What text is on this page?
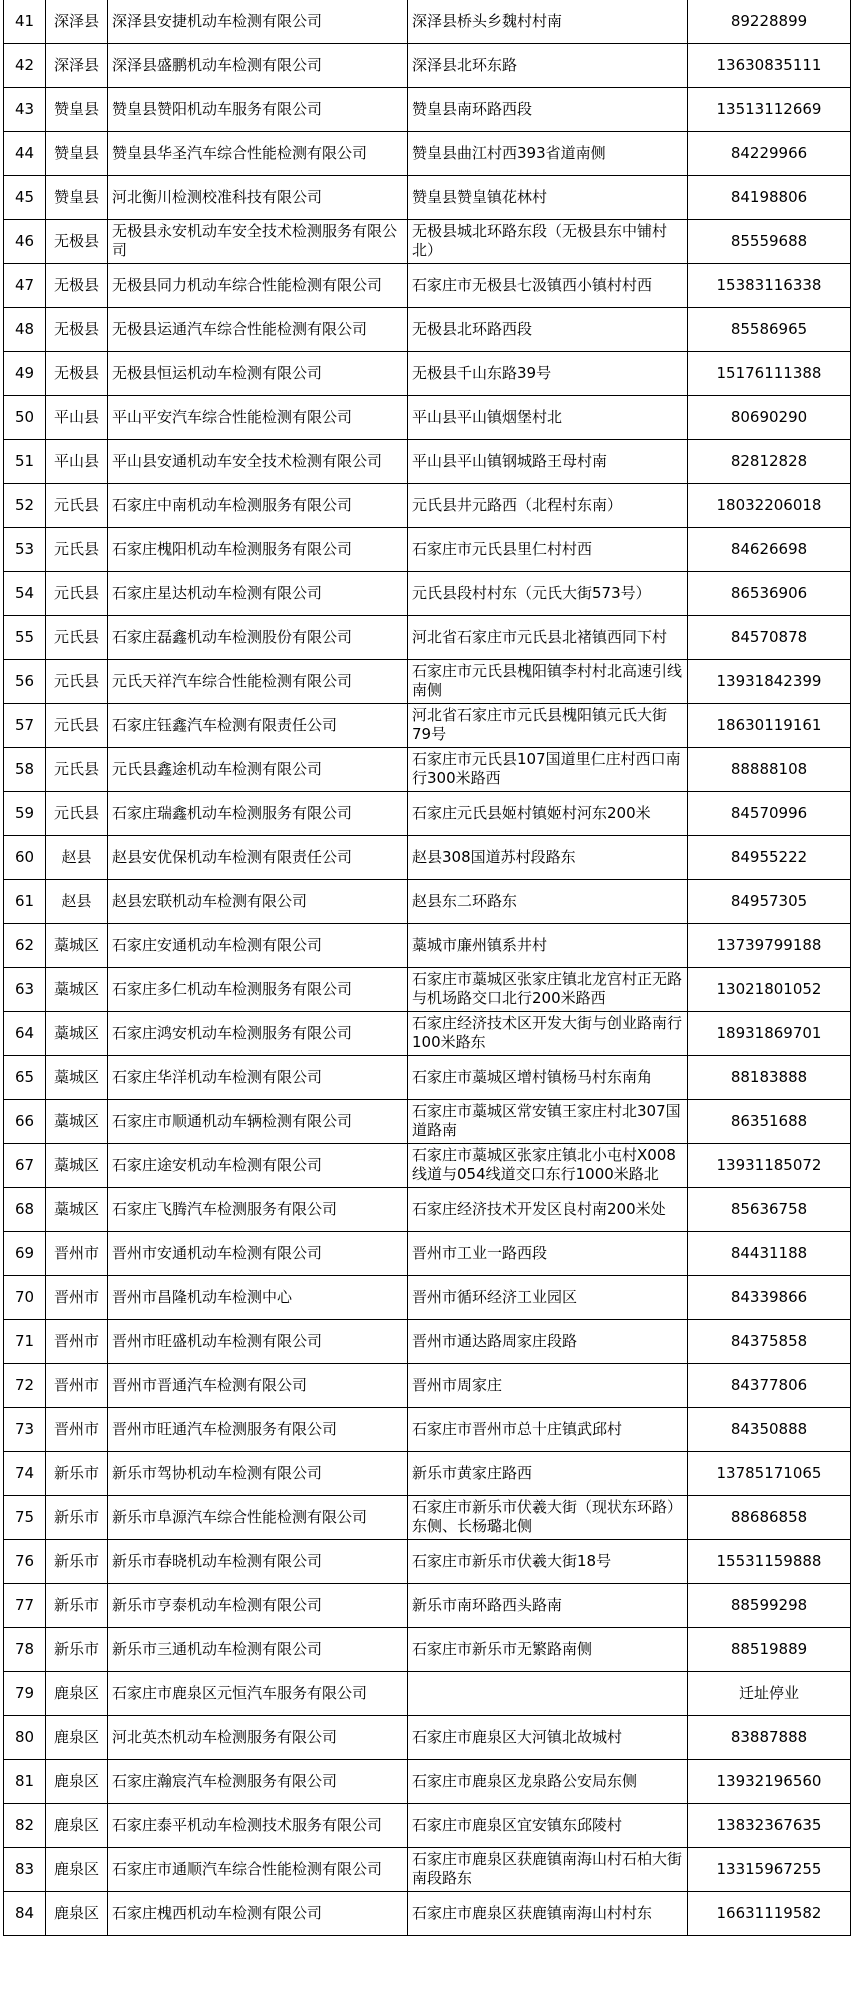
41	深泽县	深泽县安捷机动车检测有限公司	深泽县桥头乡魏村村南	89228899
42	深泽县	深泽县盛鹏机动车检测有限公司	深泽县北环东路	13630835111
43	赞皇县	赞皇县赞阳机动车服务有限公司	赞皇县南环路西段	13513112669
44	赞皇县	赞皇县华圣汽车综合性能检测有限公司	赞皇县曲江村西393省道南侧	84229966
45	赞皇县	河北衡川检测校准科技有限公司	赞皇县赞皇镇花林村	84198806
46	无极县	无极县永安机动车安全技术检测服务有限公司	无极县城北环路东段（无极县东中铺村北）	85559688
47	无极县	无极县同力机动车综合性能检测有限公司	石家庄市无极县七汲镇西小镇村村西	15383116338
48	无极县	无极县运通汽车综合性能检测有限公司	无极县北环路西段	85586965
49	无极县	无极县恒运机动车检测有限公司	无极县千山东路39号	15176111388
50	平山县	平山平安汽车综合性能检测有限公司	平山县平山镇烟堡村北	80690290
51	平山县	平山县安通机动车安全技术检测有限公司	平山县平山镇钢城路王母村南	82812828
52	元氏县	石家庄中南机动车检测服务有限公司	元氏县井元路西（北程村东南）	18032206018
53	元氏县	石家庄槐阳机动车检测服务有限公司	石家庄市元氏县里仁村村西	84626698
54	元氏县	石家庄星达机动车检测有限公司	元氏县段村村东（元氏大街573号）	86536906
55	元氏县	石家庄磊鑫机动车检测股份有限公司	河北省石家庄市元氏县北褚镇西同下村	84570878
56	元氏县	元氏天祥汽车综合性能检测有限公司	石家庄市元氏县槐阳镇李村村北高速引线南侧	13931842399
57	元氏县	石家庄钰鑫汽车检测有限责任公司	河北省石家庄市元氏县槐阳镇元氏大街79号	18630119161
58	元氏县	元氏县鑫途机动车检测有限公司	石家庄市元氏县107国道里仁庄村西口南行300米路西	88888108
59	元氏县	石家庄瑞鑫机动车检测服务有限公司	石家庄元氏县姬村镇姬村河东200米	84570996
60	赵县	赵县安优保机动车检测有限责任公司	赵县308国道苏村段路东	84955222
61	赵县	赵县宏联机动车检测有限公司	赵县东二环路东	84957305
62	藁城区	石家庄安通机动车检测有限公司	藁城市廉州镇系井村	13739799188
63	藁城区	石家庄多仁机动车检测服务有限公司	石家庄市藁城区张家庄镇北龙宫村正无路与机场路交口北行200米路西	13021801052
64	藁城区	石家庄鸿安机动车检测服务有限公司	石家庄经济技术区开发大街与创业路南行100米路东	18931869701
65	藁城区	石家庄华洋机动车检测有限公司	石家庄市藁城区增村镇杨马村东南角	88183888
66	藁城区	石家庄市顺通机动车辆检测有限公司	石家庄市藁城区常安镇王家庄村北307国道路南	86351688
67	藁城区	石家庄途安机动车检测有限公司	石家庄市藁城区张家庄镇北小屯村X008线道与054线道交口东行1000米路北	13931185072
68	藁城区	石家庄飞腾汽车检测服务有限公司	石家庄经济技术开发区良村南200米处	85636758
69	晋州市	晋州市安通机动车检测有限公司	晋州市工业一路西段	84431188
70	晋州市	晋州市昌隆机动车检测中心	晋州市循环经济工业园区	84339866
71	晋州市	晋州市旺盛机动车检测有限公司	晋州市通达路周家庄段路	84375858
72	晋州市	晋州市晋通汽车检测有限公司	晋州市周家庄	84377806
73	晋州市	晋州市旺通汽车检测服务有限公司	石家庄市晋州市总十庄镇武邱村	84350888
74	新乐市	新乐市驾协机动车检测有限公司	新乐市黄家庄路西	13785171065
75	新乐市	新乐市阜源汽车综合性能检测有限公司	石家庄市新乐市伏羲大街（现状东环路）东侧、长杨璐北侧	88686858
76	新乐市	新乐市春晓机动车检测有限公司	石家庄市新乐市伏羲大街18号	15531159888
77	新乐市	新乐市亨泰机动车检测有限公司	新乐市南环路西头路南	88599298
78	新乐市	新乐市三通机动车检测有限公司	石家庄市新乐市无繁路南侧	88519889
79	鹿泉区	石家庄市鹿泉区元恒汽车服务有限公司		迁址停业
80	鹿泉区	河北英杰机动车检测服务有限公司	石家庄市鹿泉区大河镇北故城村	83887888
81	鹿泉区	石家庄瀚宸汽车检测服务有限公司	石家庄市鹿泉区龙泉路公安局东侧	13932196560
82	鹿泉区	石家庄泰平机动车检测技术服务有限公司	石家庄市鹿泉区宜安镇东邱陵村	13832367635
83	鹿泉区	石家庄市通顺汽车综合性能检测有限公司	石家庄市鹿泉区获鹿镇南海山村石柏大街南段路东	13315967255
84	鹿泉区	石家庄槐西机动车检测有限公司	石家庄市鹿泉区获鹿镇南海山村村东	16631119582
